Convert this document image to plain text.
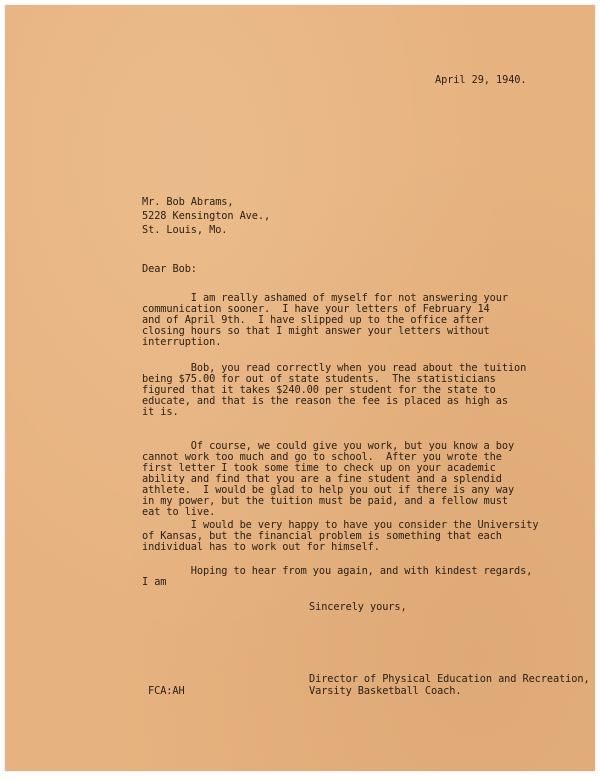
April 29, 1940.
Mr. Bob Abrams,
5228 Kensington Ave.,
St. Louis, Mo.
Dear Bob:
I am really ashamed of myself for not answering your
communication sooner.  I have your letters of February 14
and of April 9th.  I have slipped up to the office after
closing hours so that I might answer your letters without
interruption.
Bob, you read correctly when you read about the tuition
being $75.00 for out of state students.  The statisticians
figured that it takes $240.00 per student for the state to
educate, and that is the reason the fee is placed as high as
it is.
Of course, we could give you work, but you know a boy
cannot work too much and go to school.  After you wrote the
first letter I took some time to check up on your academic
ability and find that you are a fine student and a splendid
athlete.  I would be glad to help you out if there is any way
in my power, but the tuition must be paid, and a fellow must
eat to live.
I would be very happy to have you consider the University
of Kansas, but the financial problem is something that each
individual has to work out for himself.
Hoping to hear from you again, and with kindest regards,
I am
Sincerely yours,
Director of Physical Education and Recreation,
Varsity Basketball Coach.
FCA:AH
